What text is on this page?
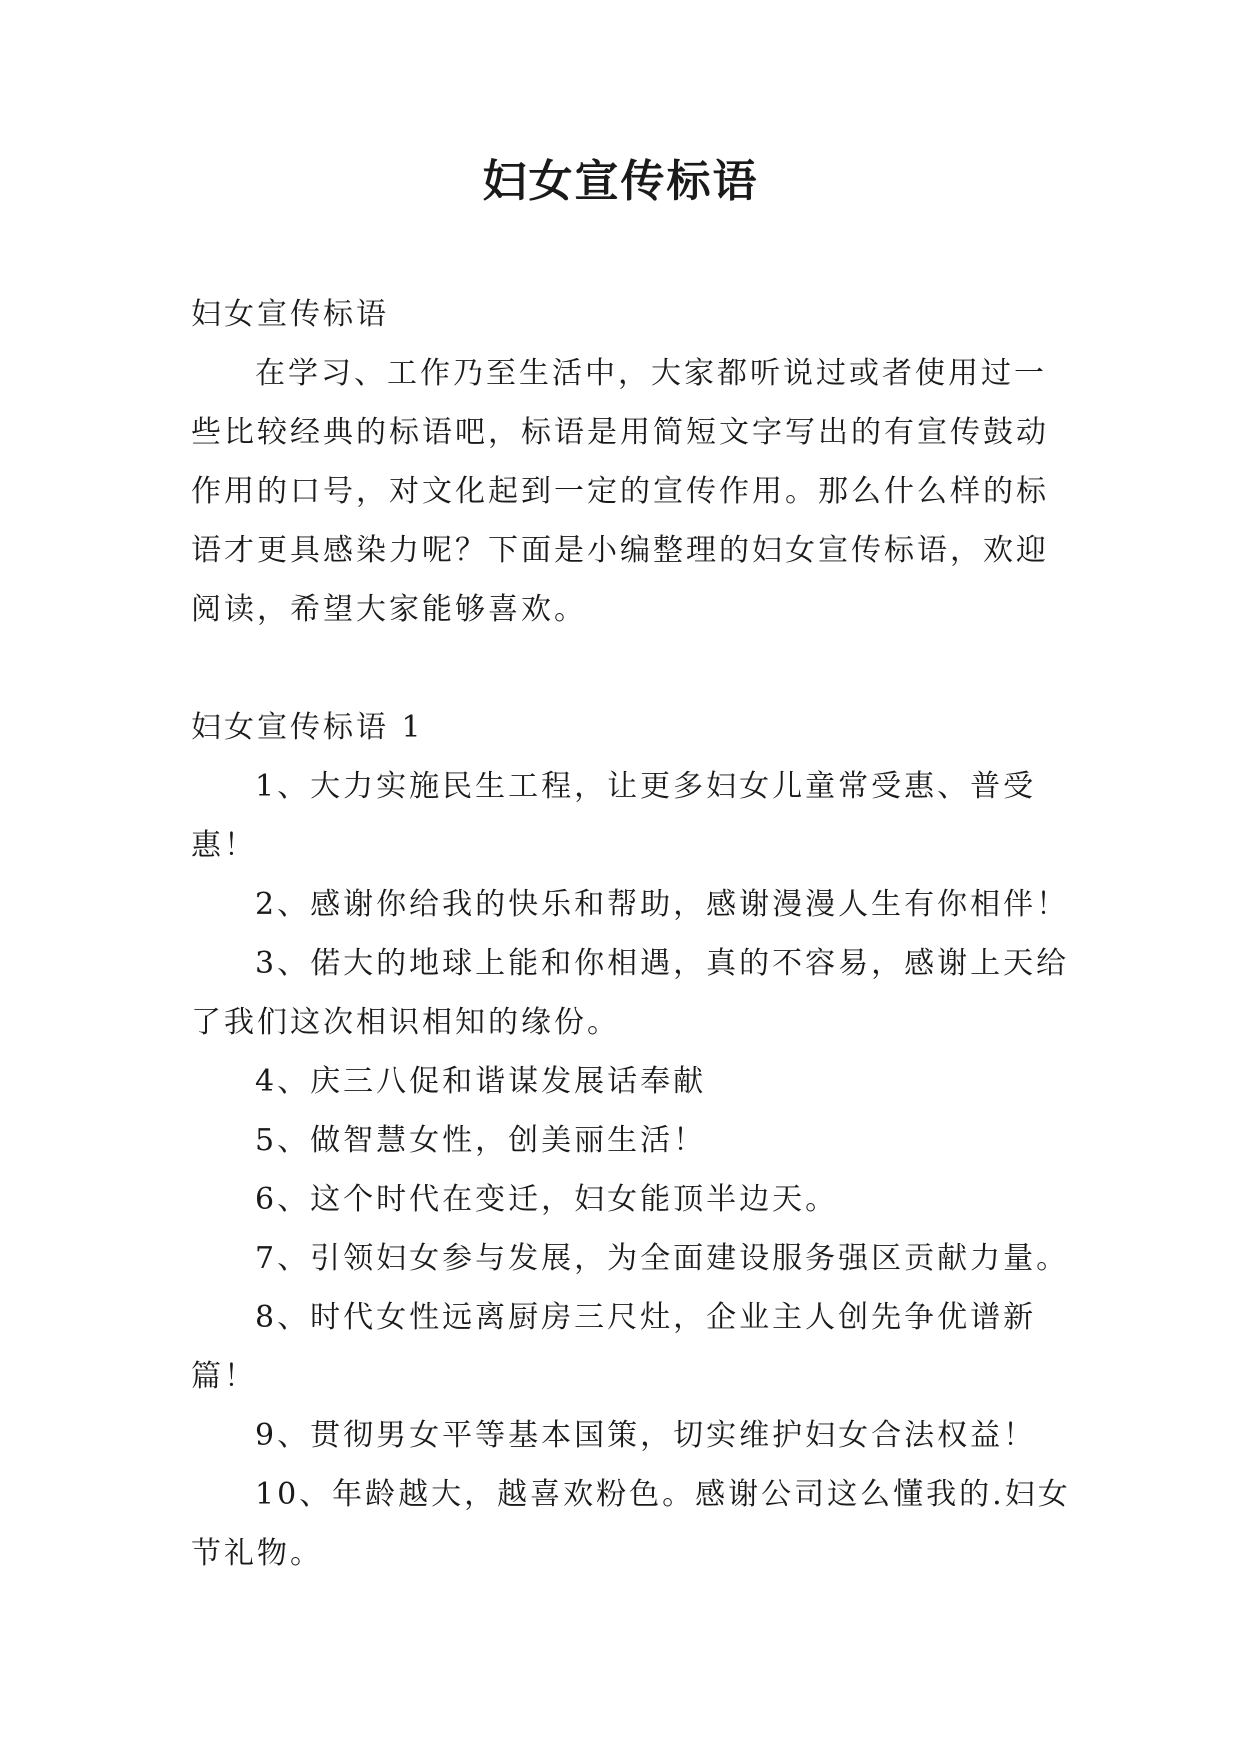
妇女宣传标语

妇女宣传标语

在学习、工作乃至生活中，大家都听说过或者使用过一些比较经典的标语吧，标语是用简短文字写出的有宣传鼓动作用的口号，对文化起到一定的宣传作用。那么什么样的标语才更具感染力呢？下面是小编整理的妇女宣传标语，欢迎阅读，希望大家能够喜欢。

妇女宣传标语 1

1、大力实施民生工程，让更多妇女儿童常受惠、普受惠！

2、感谢你给我的快乐和帮助，感谢漫漫人生有你相伴！

3、偌大的地球上能和你相遇，真的不容易，感谢上天给了我们这次相识相知的缘份。

4、庆三八促和谐谋发展话奉献

5、做智慧女性，创美丽生活！

6、这个时代在变迁，妇女能顶半边天。

7、引领妇女参与发展，为全面建设服务强区贡献力量。

8、时代女性远离厨房三尺灶，企业主人创先争优谱新篇！

9、贯彻男女平等基本国策，切实维护妇女合法权益！

10、年龄越大，越喜欢粉色。感谢公司这么懂我的.妇女节礼物。
